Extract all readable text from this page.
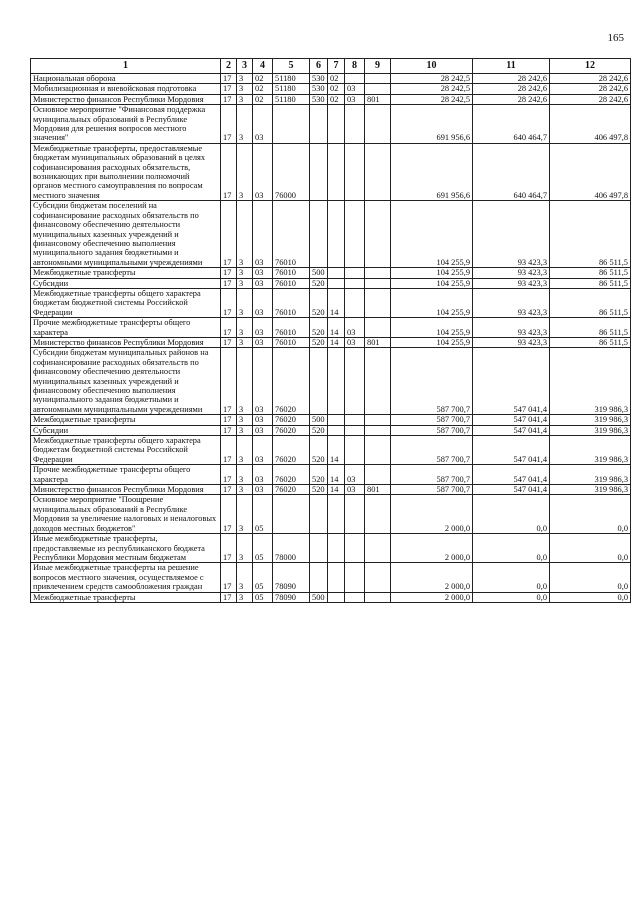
165
1	2	3	4	5	6	7	8	9	10	11	12
Национальная оборона	17	3	02	51180	530	02			28 242,5	28 242,6	28 242,6
Мобилизационная и вневойсковая подготовка	17	3	02	51180	530	02	03		28 242,5	28 242,6	28 242,6
Министерство финансов Республики Мордовия	17	3	02	51180	530	02	03	801	28 242,5	28 242,6	28 242,6
Основное мероприятие "Финансовая поддержка муниципальных образований в Республике Мордовия для решения вопросов местного значения"	17	3	03						691 956,6	640 464,7	406 497,8
Межбюджетные трансферты, предоставляемые бюджетам муниципальных образований в целях софинансирования расходных обязательств, возникающих при выполнении полномочий органов местного самоуправления по вопросам местного значения	17	3	03	76000					691 956,6	640 464,7	406 497,8
Субсидии бюджетам поселений на софинансирование расходных обязательств по финансовому обеспечению деятельности муниципальных казенных учреждений и финансовому обеспечению выполнения муниципального задания бюджетными и автономными муниципальными учреждениями	17	3	03	76010					104 255,9	93 423,3	86 511,5
Межбюджетные трансферты	17	3	03	76010	500				104 255,9	93 423,3	86 511,5
Субсидии	17	3	03	76010	520				104 255,9	93 423,3	86 511,5
Межбюджетные трансферты общего характера бюджетам бюджетной системы Российской Федерации	17	3	03	76010	520	14			104 255,9	93 423,3	86 511,5
Прочие межбюджетные трансферты общего характера	17	3	03	76010	520	14	03		104 255,9	93 423,3	86 511,5
Министерство финансов Республики Мордовия	17	3	03	76010	520	14	03	801	104 255,9	93 423,3	86 511,5
Субсидии бюджетам муниципальных районов на софинансирование расходных обязательств по финансовому обеспечению деятельности муниципальных казенных учреждений и финансовому обеспечению выполнения муниципального задания бюджетными и автономными муниципальными учреждениями	17	3	03	76020					587 700,7	547 041,4	319 986,3
Межбюджетные трансферты	17	3	03	76020	500				587 700,7	547 041,4	319 986,3
Субсидии	17	3	03	76020	520				587 700,7	547 041,4	319 986,3
Межбюджетные трансферты общего характера бюджетам бюджетной системы Российской Федерации	17	3	03	76020	520	14			587 700,7	547 041,4	319 986,3
Прочие межбюджетные трансферты общего характера	17	3	03	76020	520	14	03		587 700,7	547 041,4	319 986,3
Министерство финансов Республики Мордовия	17	3	03	76020	520	14	03	801	587 700,7	547 041,4	319 986,3
Основное мероприятие "Поощрение муниципальных образований в Республике Мордовия за увеличение налоговых и неналоговых доходов местных бюджетов"	17	3	05						2 000,0	0,0	0,0
Иные межбюджетные трансферты, предоставляемые из республиканского бюджета Республики Мордовия местным бюджетам	17	3	05	78000					2 000,0	0,0	0,0
Иные межбюджетные трансферты на решение вопросов местного значения, осуществляемое с привлечением средств самообложения граждан	17	3	05	78090					2 000,0	0,0	0,0
Межбюджетные трансферты	17	3	05	78090	500				2 000,0	0,0	0,0
